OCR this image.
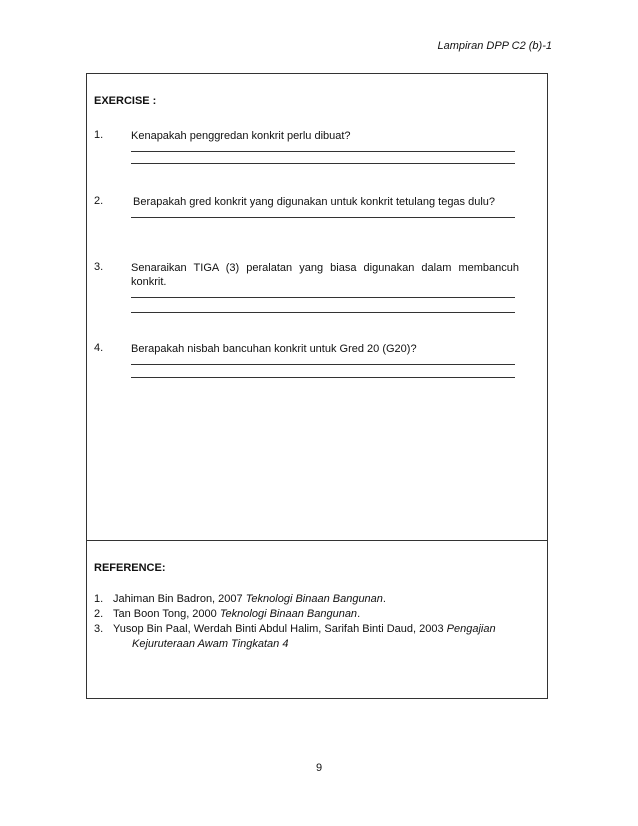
Lampiran DPP C2 (b)-1
EXERCISE :
1.	Kenapakah penggredan konkrit perlu dibuat?
2.	Berapakah gred konkrit yang digunakan untuk konkrit tetulang tegas dulu?
3.	Senaraikan TIGA (3) peralatan yang biasa digunakan dalam membancuh konkrit.
4.	Berapakah nisbah bancuhan konkrit untuk Gred 20 (G20)?
REFERENCE:
1. Jahiman Bin Badron, 2007 Teknologi Binaan Bangunan.
2. Tan Boon Tong, 2000 Teknologi Binaan Bangunan.
3. Yusop Bin Paal, Werdah Binti Abdul Halim, Sarifah Binti Daud, 2003 Pengajian
Kejuruteraan Awam Tingkatan 4
9
